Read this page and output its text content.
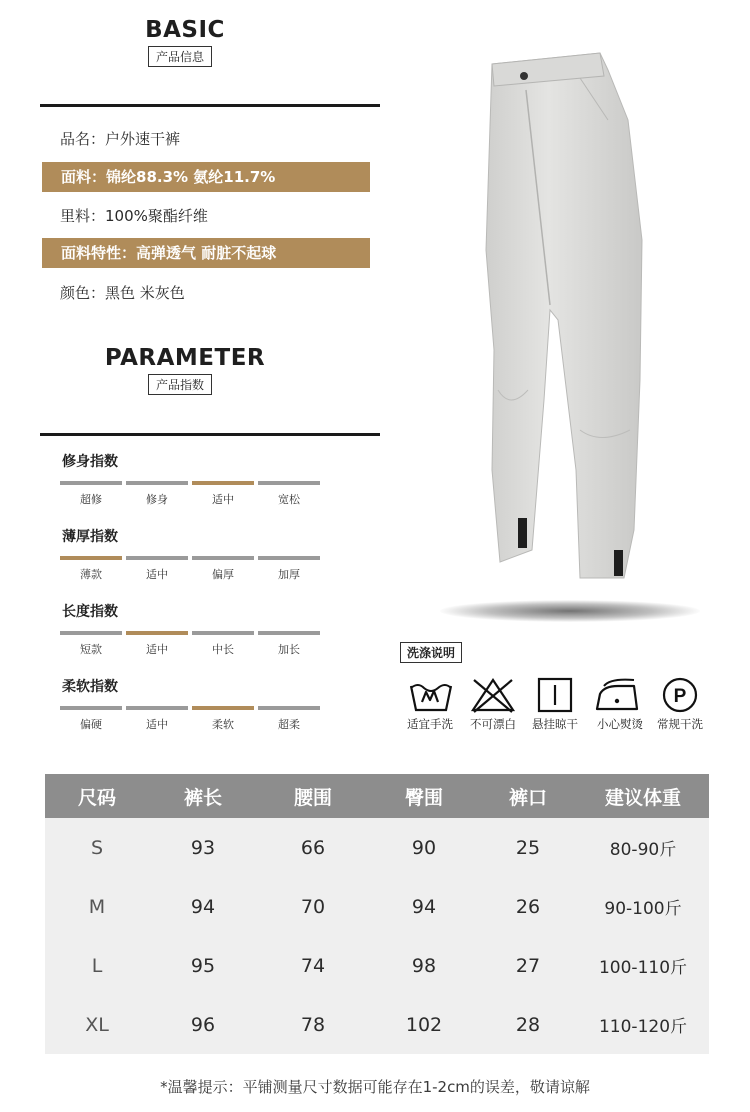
BASIC
产品信息
品名：户外速干裤
面料：锦纶88.3% 氨纶11.7%
里料：100%聚酯纤维
面料特性：高弹透气 耐脏不起球
颜色：黑色 米灰色
PARAMETER
产品指数
修身指数
超修	修身	适中	宽松
薄厚指数
薄款	适中	偏厚	加厚
长度指数
短款	适中	中长	加长
柔软指数
偏硬	适中	柔软	超柔
洗涤说明
P
适宜手洗	不可漂白	悬挂晾干	小心熨烫	常规干洗
尺码	裤长	腰围	臀围	裤口	建议体重
S	93	66	90	25	80-90斤
M	94	70	94	26	90-100斤
L	95	74	98	27	100-110斤
XL	96	78	102	28	110-120斤
*温馨提示：平铺测量尺寸数据可能存在1-2cm的误差，敬请谅解
